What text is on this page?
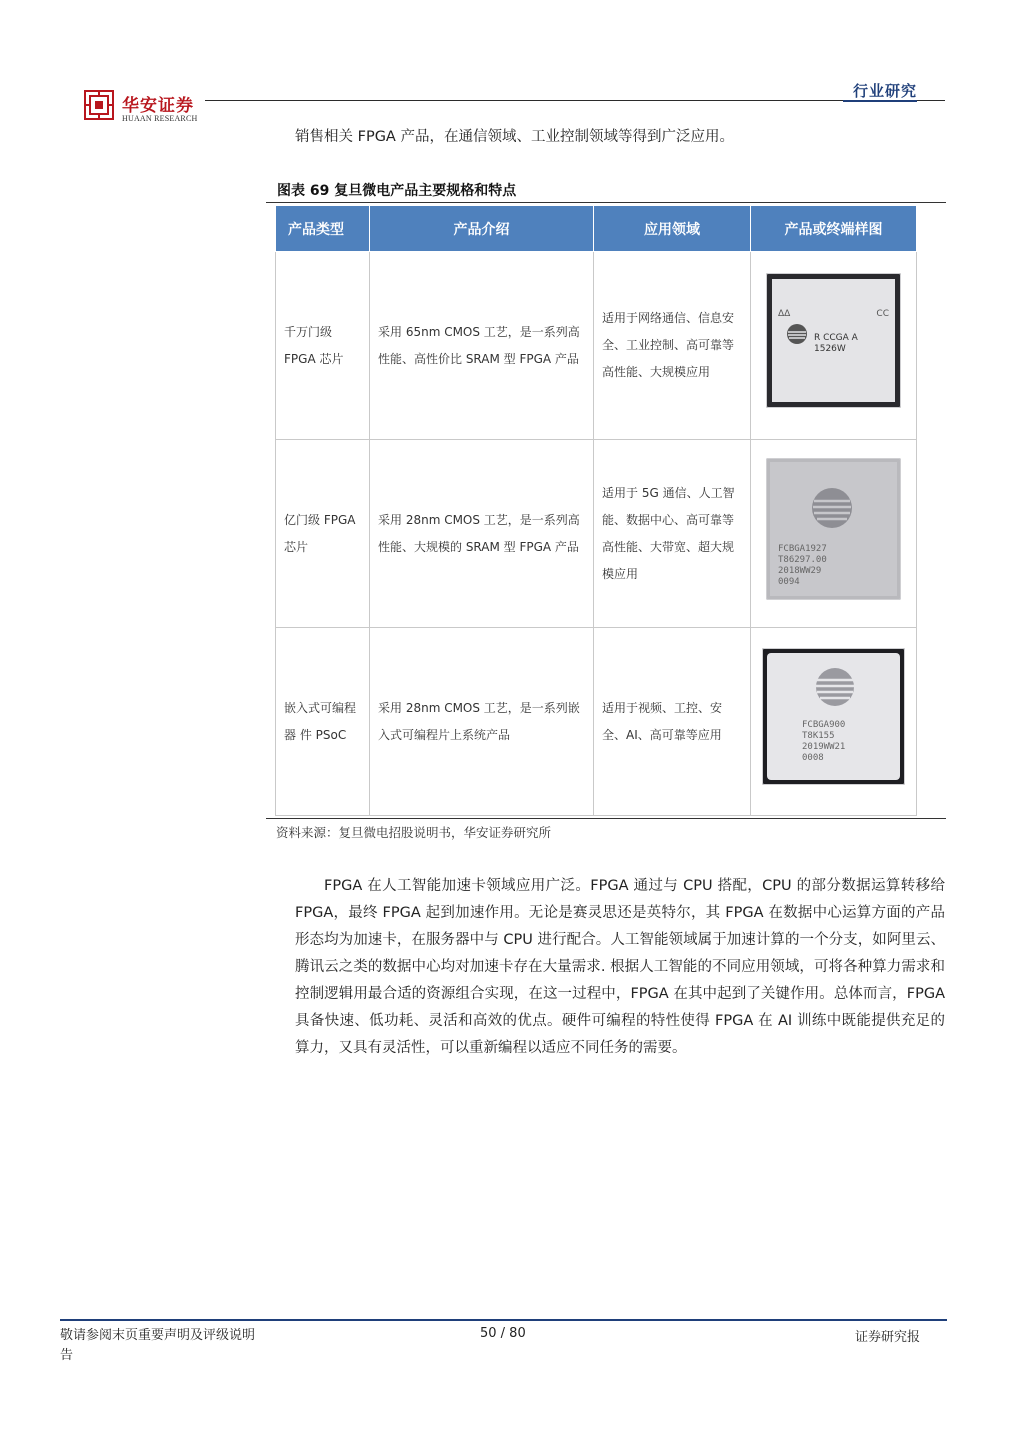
华安证券
HUAAN RESEARCH
行业研究
销售相关 FPGA 产品，在通信领域、工业控制领域等得到广泛应用。
图表 69 复旦微电产品主要规格和特点
产品类型	产品介绍	应用领域	产品或终端样图
千万门级 FPGA 芯片	采用 65nm CMOS 工艺，是一系列高性能、高性价比 SRAM 型 FPGA 产品	适用于网络通信、信息安全、工业控制、高可靠等高性能、大规模应用	ΔΔ CC
R CCGA A
1526W

亿门级 FPGA 芯片	采用 28nm CMOS 工艺，是一系列高性能、大规模的 SRAM 型 FPGA 产品	适用于 5G 通信、人工智能、数据中心、高可靠等高性能、大带宽、超大规模应用	FCBGA1927
T86297.00
2018WW29
0094

嵌入式可编程器 件 PSoC	采用 28nm CMOS 工艺，是一系列嵌入式可编程片上系统产品	适用于视频、工控、安全、AI、高可靠等应用	FCBGA900
T8K155
2019WW21
0008
资料来源：复旦微电招股说明书，华安证券研究所
FPGA 在人工智能加速卡领域应用广泛。FPGA 通过与 CPU 搭配，CPU 的部分数据运算转移给 FPGA，最终 FPGA 起到加速作用。无论是赛灵思还是英特尔，其 FPGA 在数据中心运算方面的产品形态均为加速卡，在服务器中与 CPU 进行配合。人工智能领域属于加速计算的一个分支，如阿里云、腾讯云之类的数据中心均对加速卡存在大量需求. 根据人工智能的不同应用领域，可将各种算力需求和控制逻辑用最合适的资源组合实现，在这一过程中，FPGA 在其中起到了关键作用。总体而言，FPGA 具备快速、低功耗、灵活和高效的优点。硬件可编程的特性使得 FPGA 在 AI 训练中既能提供充足的算力，又具有灵活性，可以重新编程以适应不同任务的需要。
敬请参阅末页重要声明及评级说明
告
50 / 80	证券研究报
